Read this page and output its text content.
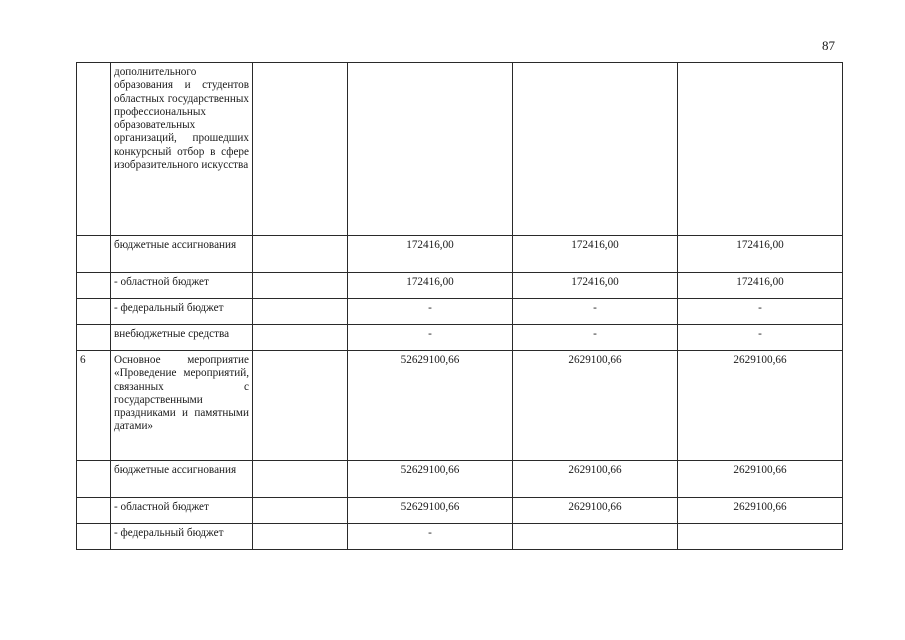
87

	дополнительного образования и студентов областных государственных профессиональных образовательных организаций, прошедших конкурсный отбор в сфере изобразительного искусства				

	бюджетные ассигнования		172416,00	172416,00	172416,00

	- областной бюджет		172416,00	172416,00	172416,00

	- федеральный бюджет		-	-	-

	внебюджетные средства		-	-	-
6	Основное мероприятие «Проведение мероприятий, связанных с государственными праздниками и памятными датами»		52629100,66	2629100,66	2629100,66

	бюджетные ассигнования		52629100,66	2629100,66	2629100,66

	- областной бюджет		52629100,66	2629100,66	2629100,66

	- федеральный бюджет		-		
